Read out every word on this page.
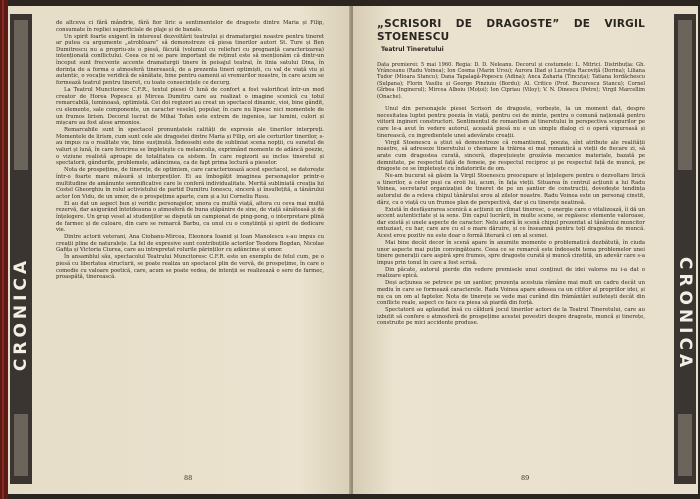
CRONICA

de altceva ci fără mândrie, fără fior liric a sentimentelor de dragoste dintre Maria și Filip, consumate în repliei superficiale de plaje și de banale.

Un spirit foarte exigent în interesul dezvoltării teatrului și dramaturgiei noastre pentru tineret ar putea ca argumente „atrobloare” să demonstreze că piesa tinerilor autori St. Ture și Ben Dumitrescu nu a propriu-zis o piesă, făcută (volumul cu reliefuri cu pregnanță caracterizarea) intenționată conflictului. Ceea ce ni se pare important de reținut este să menționăm că dintr-un început sunt frecvente accente dramaturgii tinere în peisajul teatral, în linia satului Dina, în dorința de a forma o atmosferă tinerească, de a prezenta tineri optimiști, cu val de viață viu și autentic, o vocație veridică de sănătate, bine pentru oamenii ai vremurilor noastre, în care acum se formează teatrul pentru tineret, cu toate consecințele ce decurg.

La Teatrul Muncitoresc C.F.R., textul piesei O lună de confort a fost valorificat într-un mod creator de Horea Popescu și Mircea Dumitru care au realizat o imagine scenică cu totul remarcabilă, luminoasă, optimistă. Cei doi regizori au creat un spectacol dinamic, vioi, bine gândit, cu elemente, sale componente, un caracter veselel, popular, în care nu lipsesc nici momentele de un frumos lirism. Decorul lucrat de Mihai Tofan este extrem de ingenios, iar lumini, culori și mișcare au fost alese armonios.

Remarcabile sunt în spectacol pronunțatele calități de expresie ale tinerilor interpreți. Momentele de lirism, cum sunt cele ale dragostei dintre Maria și Filip, ori ale certurilor tinerilor, s-au impus ca o realitate vie, bine susținută. Îndeosebi este de subliniat scena nopții, cu sunetul de valuri și lună, în care fericirea se împletește cu melancolia, exprimând momente de adâncă poezie, o viziune realistă aproape de totalitatea ca sistem. În care regizorii au inclus tineretul și spectatorii, gândurile, problemele, adâncimea, ca de fapt prima lectură a pieselor.

Nota de prospețime, de tinerețe, de optimism, care caracterizează acest spectacol, se datorește într-o foarte mare măsură și interpreților. Ei au îmbogățit imaginea personajelor printr-o multitudine de amănunte semnificative care le conferă individualitate. Merită subliniată creația lui Costel Gheorghiu în rolul activistului de partid Dumitru Ionescu, sinceră și însuflețită, a tânărului actor Ion Vidu, de un umor, de o prospețime aparte, cum și a lui Corneliu Rusu.

Ei au dat un aspect bun și veridic personajelor, unora cu multă viață, altora cu ceva mai multă rezervă, dar asigurând întotdeauna o atmosferă de buna ștăpânire de sine, de viață sănătoasă și de înțelegere. Un grup vesel al studenților se dispută un campionat de ping-pong, o interpretare plină de farmec și de culoare, din care se remarcă Barbu, ca unul cu o conștiință și spirit de dedicare vie.

Dintre actorii veterani, Ana Ciobanu-Mircea, Eleonora Ioanid și Ioan Manolescu s-au impus cu creații pline de naturalețe. La fel de expresive sunt contribuțiile actorilor Teodora Bogdan, Nicolae Gafița și Victoria Ciurea, care au intrepretat rolurile părinților cu adâncime și umor.

În ansamblul său, spectacolul Teatrului Muncitoresc C.F.R. este un exemplu de felul cum, pe o piesă cu libertatea structurii, se poate realiza un spectacol plin de vervă, de prospețime, în care o comedie cu valoare poetică, care, acum se poate vedea, de intenții se realizează o sere de farmec, proaspătă, tinerească.

88
„SCRISORI DE DRAGOSTE” DE VIRGIL STOENESCU
Teatrul Tineretului
Data premierei: 5 mai 1960. Regia: D. D. Neleanu. Decorul și costumele: L. Mitrici. Distribuția: Gh. Vrânceanu (Radu Voinea); Ion Cosma (Marin Ursu); Aurora Iliad și Lucreția Racoviță (Dorina); Liliana Tudor (Mioara Stancu); Dana Tapalagă-Popescu (Adina); Anca Zaharia (Tincuța); Tatiana Iordăchescu (Sulpana); Florin Vasiliu și George Pinziuiu (Bordu); Al. Critico (Prof. Bucurescu Stancu); Cornel Gîrbea (Inginerul); Mircea Alboiu (Moțoi); Ion Cipriau (Viloy); V. N. Dinescu (Petre); Virgil Marcellim (Onache).

Unul din personajele piesei Scrisori de dragoste, vorbește, la un moment dat, despre necesitatea luptei pentru poezia în viață, pentru cei de minte, pentru o comună națională pentru viitorii ingineri constructori. Sentimentul de romantism al tineretului în perspectiva scopurilor pe care le-a avut în vedere autorul, această piesă nu e un simplu dialog ci o operă viguroasă și tinerească, cu ingredientele unei adevărate creații.

Virgil Stoenescu a știut să demonstreze că romantismul, poezia, sînt atribute ale realității noastre, să adreseze tineretului o chemare la trăirea ei mai romantică a vieții de fiecare zi, să arate cum dragostea curată, sinceră, disprețuiește grozăvia mecanice materiale, bazată pe demnitate, pe respectul față de femeie, pe respectul reciproc și pe respectul față de muncă, pe dragoste ce se împletește cu îndatoririle de om.

Ne-am bucurat să găsim la Virgil Stoenescu preocupare și înțelegere pentru o dezvoltare lirică a tinerilor, a celor puși ca eroii lui, acum, în fața vieții. Situarea în centrul acțiunii a lui Radu Voinea, secretarul organizației de tineret de pe un șantier de construcții, dovedește tendința autorului de a releva chipul tânărului erou al zilelor noastre. Radu Voinea este un personaj cinstit, dârz, cu o viață cu un frumos plan de perspectivă, dar și cu tinerețe neatinsă.

Există în desfășurarea scenică a acțiunii un climat tineresc, o energie care o vitalizează, îi dă un accent autenticitate și ia sens. Din capul lucrării, în multe scene, se regăsesc elemente valoroase, dar există și unele aspecte de caracter: Nelu adoră în scenă chipul prezentat al tânărului muncitor entuziast, cu har, care are cu el o mare dăruire, și ce înseamnă pentru toți dragostea de muncă. Acest erou pozitiv nu este doar o formă literară ci om al scenei.

Mai bine decât decor în scenă apare în anumite momente o problematică dezbătută, în ciuda unor aspecte mai puțin convingătoare. Ceea ce se remarcă este îndeosebi tema problemelor unei tinere generații care aspiră spre frumos, spre dragoste curată și muncă cinstită, un adevăr care s-a impus prin tonul în care a fost scrisă.

Din păcate, autorul pierde din vedere premisele unui conținut de idei valoros nu i-a dat o realizare epică.

Deși acțiunea se petrece pe un șantier, prezența acestuia rămâne mai mult un cadru decât un mediu în care se formează caracterele. Radu Voinea apare adesea ca un cititor al propriilor idei, și nu ca un om al faptelor. Nota de tinerețe se vede mai curând din frământări sufletești decât din conflicte reale, aspect ce face ca piesa să piardă din forță.

Spectatorii au aplaudat însă cu căldură jocul tinerilor actori de la Teatrul Tineretului, care au izbutit să confere o atmosferă de prospețime acestei povestiri despre dragoste, muncă și tinerețe, construite pe mici accidente produse.	CRONICA
89
